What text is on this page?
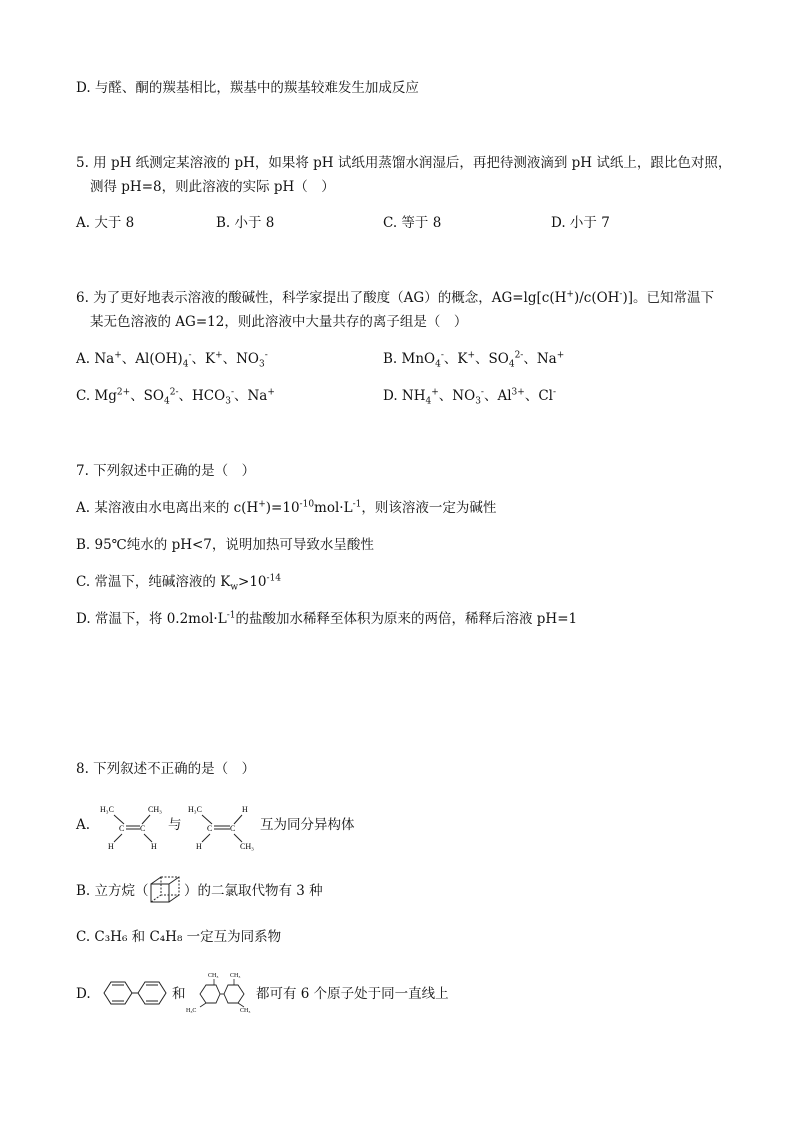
D. 与醛、酮的羰基相比，羰基中的羰基较难发生加成反应
5. 用 pH 纸测定某溶液的 pH，如果将 pH 试纸用蒸馏水润湿后，再把待测液滴到 pH 试纸上，跟比色对照，
测得 pH=8，则此溶液的实际 pH（　）
A. 大于 8	B. 小于 8	C. 等于 8	D. 小于 7
6. 为了更好地表示溶液的酸碱性，科学家提出了酸度（AG）的概念，AG=lg[c(H+)/c(OH-)]。已知常温下
某无色溶液的 AG=12，则此溶液中大量共存的离子组是（　）
A. Na+、$Al(OH)_4^-$、K+、$NO_3^-$	B. MnO$_4$-、K+、$SO_4^{2-}$、Na+
C. $Mg^{2+}$、$SO_4^{2-}$、$HCO_3^-$、Na+	D. $NH_4^+$、$NO_3^-$、$Al^{3+}$、Cl-
7. 下列叙述中正确的是（　）
A. 某溶液由水电离出来的 $c(H^+)=10^{-10}mol\cdot L^{-1}$，则该溶液一定为碱性
B. 95℃纯水的 pH<7，说明加热可导致水呈酸性
C. 常温下，纯碱溶液的 $K_w>10^{-14}$
D. 常温下，将 $0.2mol\cdot L^{-1}$的盐酸加水稀释至体积为原来的两倍，稀释后溶液 pH=1
8. 下列叙述不正确的是（　）
A.
H₃C	CH₃
C C
H	H
与
H₃C	H
C C
H	CH₃
互为同分异构体
B. 立方烷（	）的二氯取代物有 3 种
C. C₃H₆ 和 C₄H₈ 一定互为同系物
D.	和
CH₃ CH₃
H₃C	CH₃
都可有 6 个原子处于同一直线上
